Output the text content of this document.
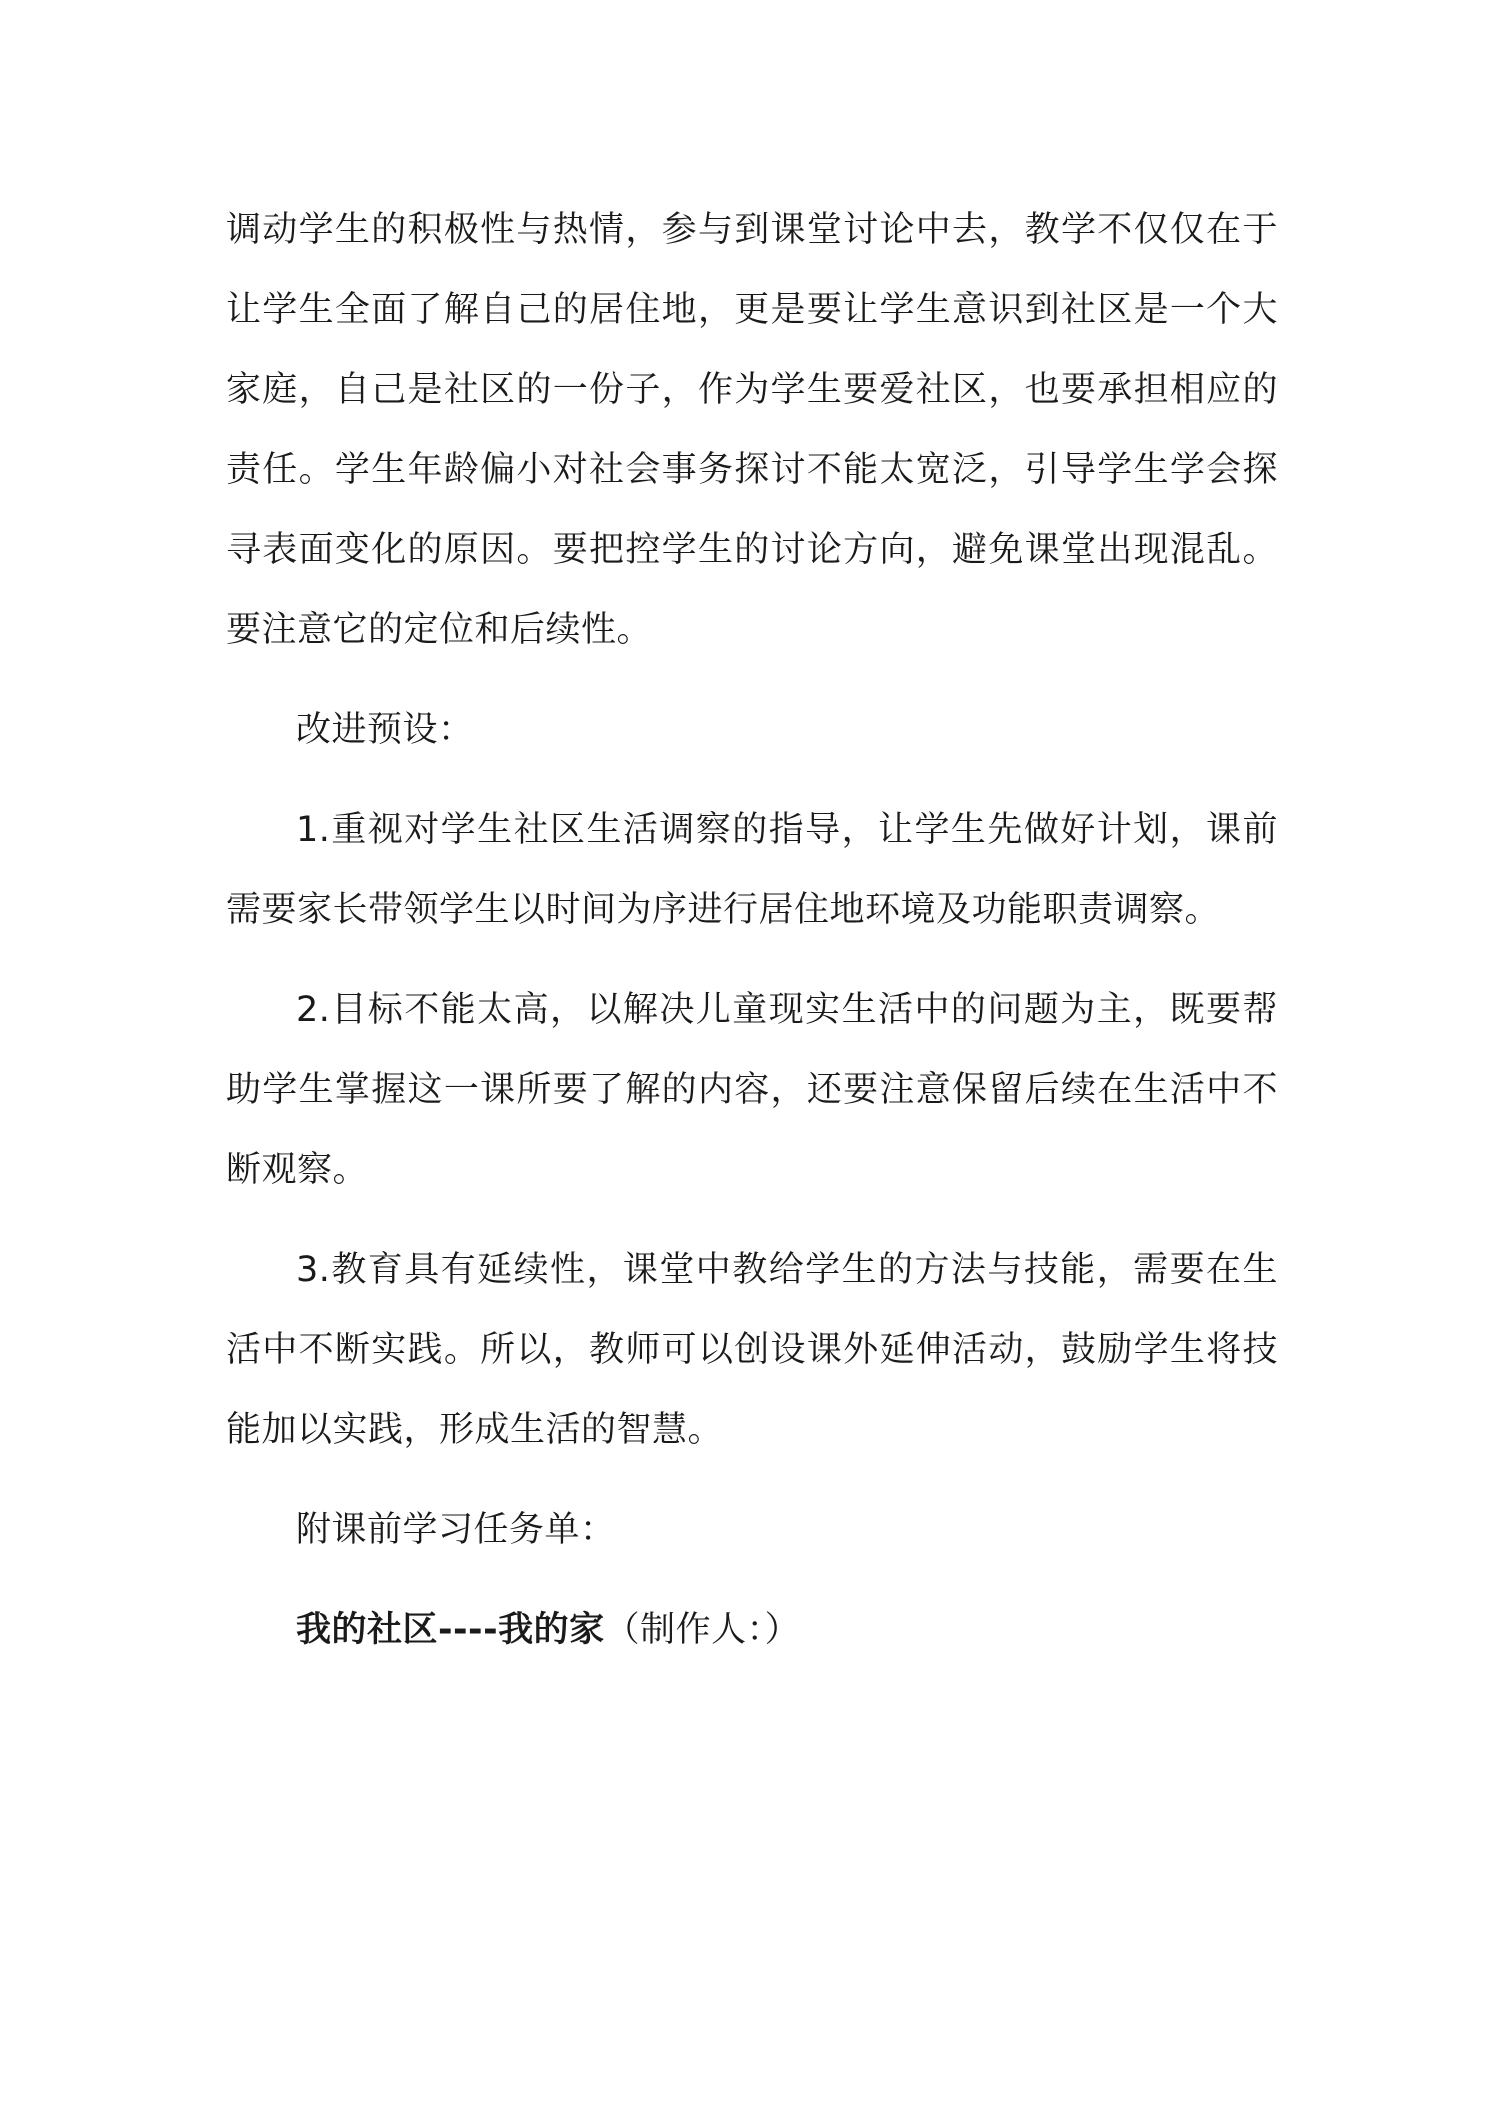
调动学生的积极性与热情，参与到课堂讨论中去，教学不仅仅在于让学生全面了解自己的居住地，更是要让学生意识到社区是一个大家庭，自己是社区的一份子，作为学生要爱社区，也要承担相应的责任。学生年龄偏小对社会事务探讨不能太宽泛，引导学生学会探寻表面变化的原因。要把控学生的讨论方向，避免课堂出现混乱。要注意它的定位和后续性。

改进预设：

1.重视对学生社区生活调察的指导，让学生先做好计划，课前需要家长带领学生以时间为序进行居住地环境及功能职责调察。

2.目标不能太高，以解决儿童现实生活中的问题为主，既要帮助学生掌握这一课所要了解的内容，还要注意保留后续在生活中不断观察。

3.教育具有延续性，课堂中教给学生的方法与技能，需要在生活中不断实践。所以，教师可以创设课外延伸活动，鼓励学生将技能加以实践，形成生活的智慧。

附课前学习任务单：

我的社区----我的家（制作人：）
